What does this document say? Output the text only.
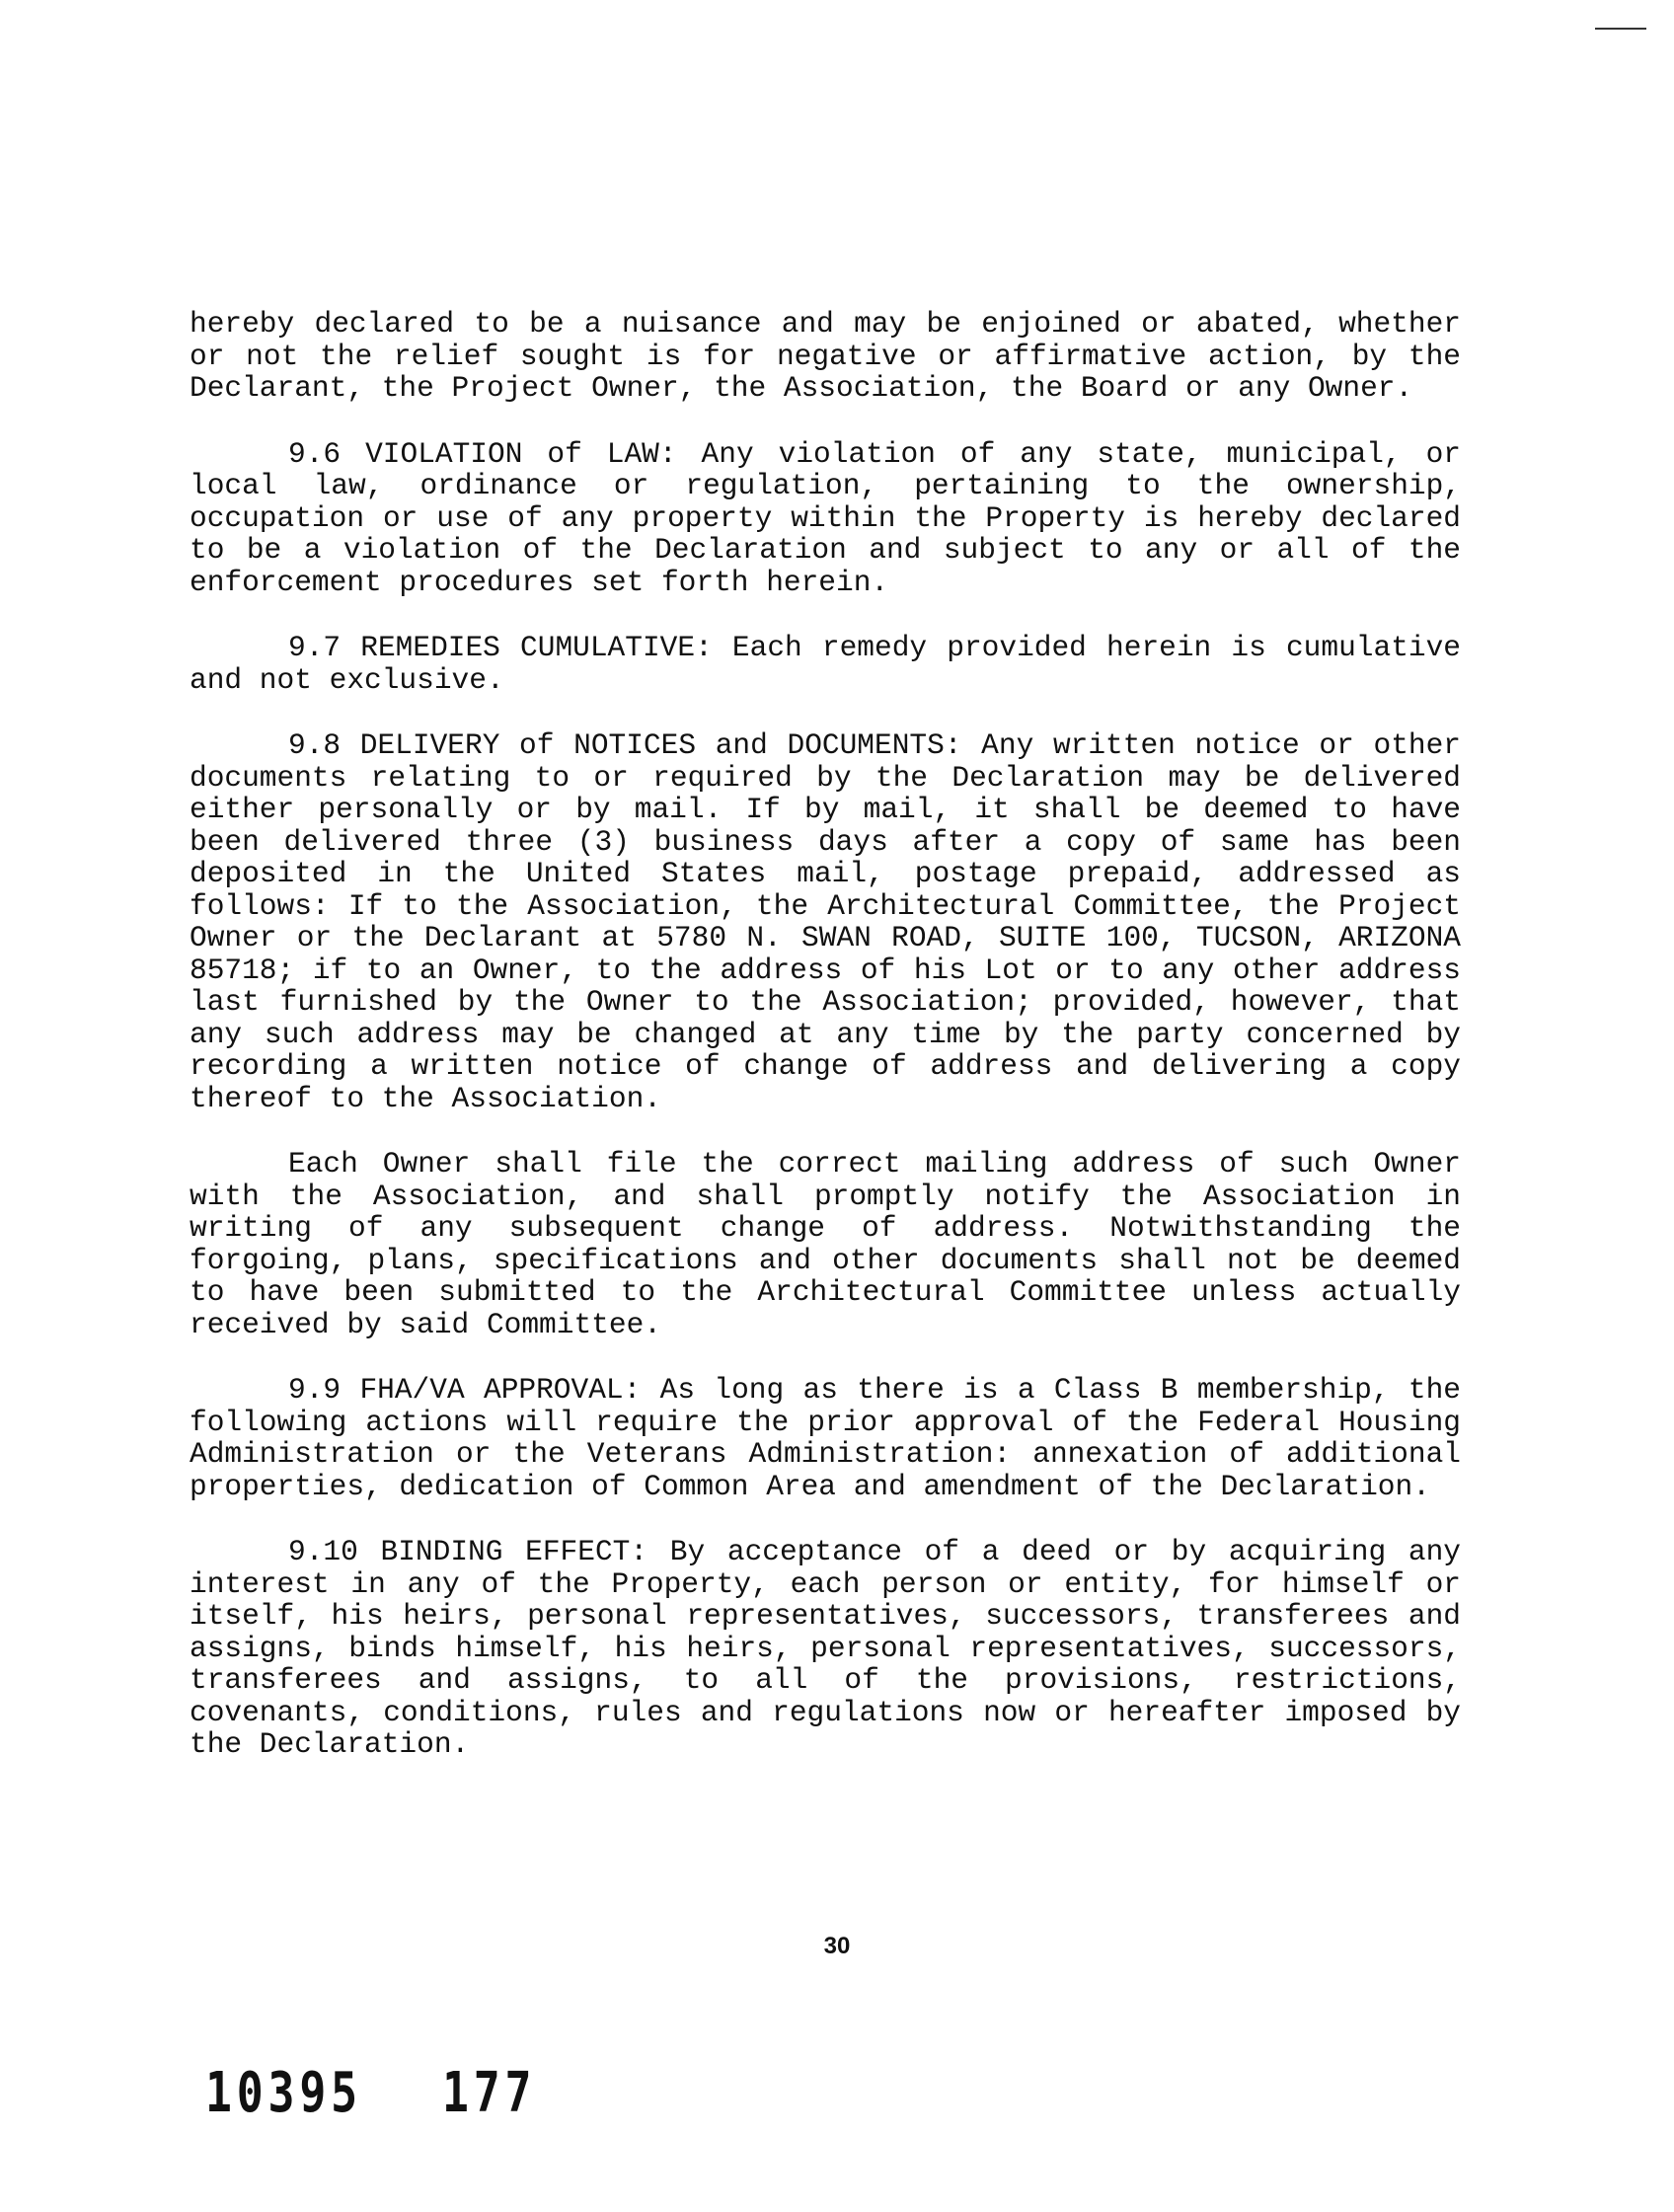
hereby declared to be a nuisance and may be enjoined or abated, whether or not the relief sought is for negative or affirmative action, by the Declarant, the Project Owner, the Association, the Board or any Owner.

9.6 VIOLATION of LAW: Any violation of any state, municipal, or local law, ordinance or regulation, pertaining to the ownership, occupation or use of any property within the Property is hereby declared to be a violation of the Declaration and subject to any or all of the enforcement procedures set forth herein.

9.7 REMEDIES CUMULATIVE: Each remedy provided herein is cumulative and not exclusive.

9.8 DELIVERY of NOTICES and DOCUMENTS: Any written notice or other documents relating to or required by the Declaration may be delivered either personally or by mail. If by mail, it shall be deemed to have been delivered three (3) business days after a copy of same has been deposited in the United States mail, postage prepaid, addressed as follows: If to the Association, the Architectural Committee, the Project Owner or the Declarant at 5780 N. SWAN ROAD, SUITE 100, TUCSON, ARIZONA 85718; if to an Owner, to the address of his Lot or to any other address last furnished by the Owner to the Association; provided, however, that any such address may be changed at any time by the party concerned by recording a written notice of change of address and delivering a copy thereof to the Association.

Each Owner shall file the correct mailing address of such Owner with the Association, and shall promptly notify the Association in writing of any subsequent change of address. Notwithstanding the forgoing, plans, specifications and other documents shall not be deemed to have been submitted to the Architectural Committee unless actually received by said Committee.

9.9 FHA/VA APPROVAL: As long as there is a Class B membership, the following actions will require the prior approval of the Federal Housing Administration or the Veterans Administration: annexation of additional properties, dedication of Common Area and amendment of the Declaration.

9.10 BINDING EFFECT: By acceptance of a deed or by acquiring any interest in any of the Property, each person or entity, for himself or itself, his heirs, personal representatives, successors, transferees and assigns, binds himself, his heirs, personal representatives, successors, transferees and assigns, to all of the provisions, restrictions, covenants, conditions, rules and regulations now or hereafter imposed by the Declaration.

30
10395 177
